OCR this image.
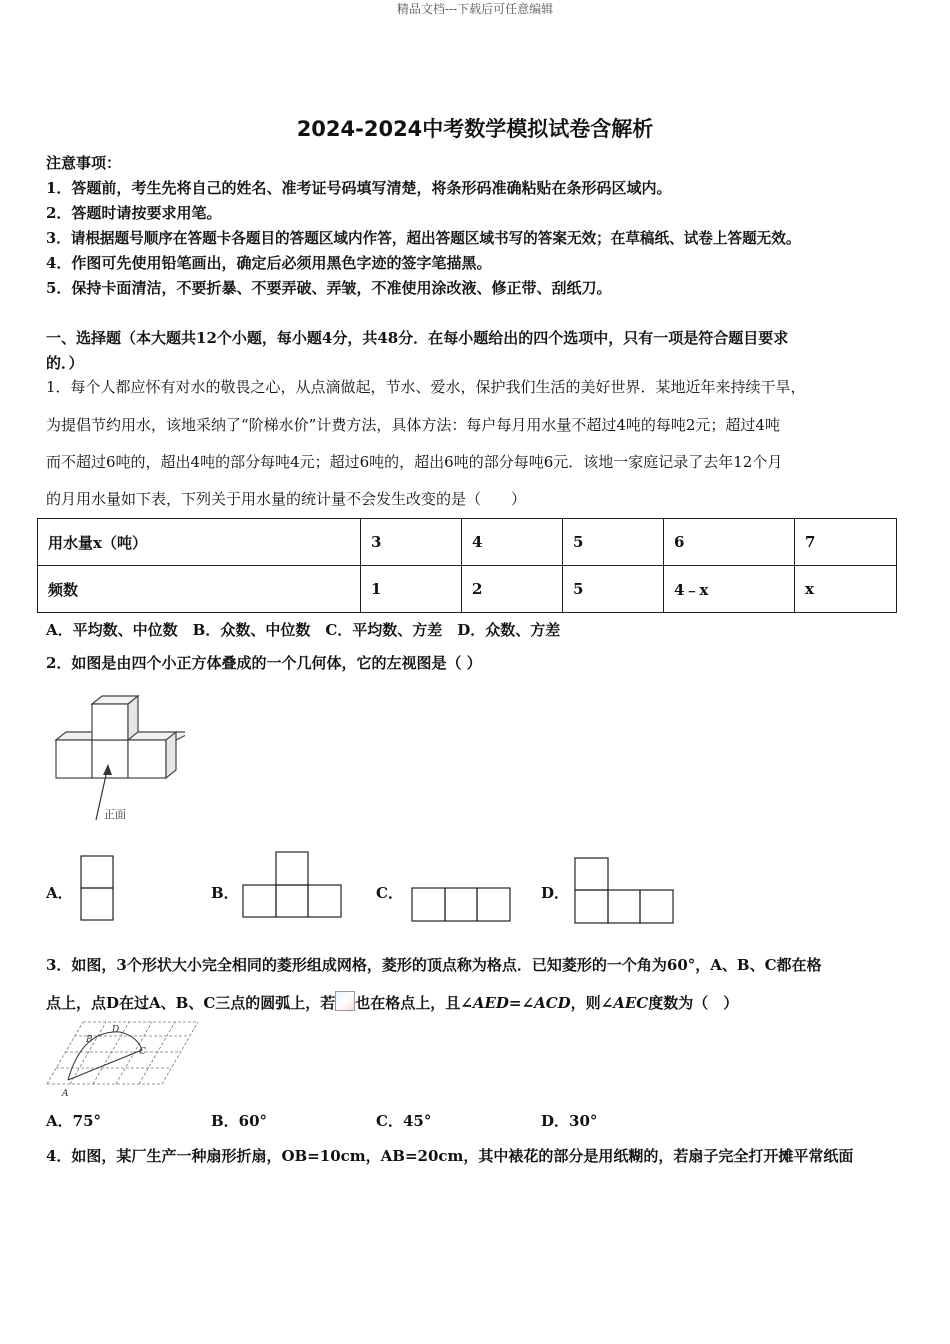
精品文档---下载后可任意编辑
2024-2024中考数学模拟试卷含解析
注意事项：
1．答题前，考生先将自己的姓名、准考证号码填写清楚，将条形码准确粘贴在条形码区域内。
2．答题时请按要求用笔。
3．请根据题号顺序在答题卡各题目的答题区域内作答，超出答题区域书写的答案无效；在草稿纸、试卷上答题无效。
4．作图可先使用铅笔画出，确定后必须用黑色字迹的签字笔描黑。
5．保持卡面清洁，不要折暴、不要弄破、弄皱，不准使用涂改液、修正带、刮纸刀。
一、选择题（本大题共12个小题，每小题4分，共48分．在每小题给出的四个选项中，只有一项是符合题目要求
的．）
1．每个人都应怀有对水的敬畏之心，从点滴做起，节水、爱水，保护我们生活的美好世界．某地近年来持续干旱，
为提倡节约用水，该地采纳了“阶梯水价”计费方法，具体方法：每户每月用水量不超过4吨的每吨2元；超过4吨
而不超过6吨的，超出4吨的部分每吨4元；超过6吨的，超出6吨的部分每吨6元．该地一家庭记录了去年12个月
的月用水量如下表，下列关于用水量的统计量不会发生改变的是（　　）
用水量x（吨）	3	4	5	6	7
频数	1	2	5	4﹣x	x
A．平均数、中位数　B．众数、中位数　C．平均数、方差　D．众数、方差
2．如图是由四个小正方体叠成的一个几何体，它的左视图是（ ）
正面
A．	B．	C．	D．
3．如图，3个形状大小完全相同的菱形组成网格，菱形的顶点称为格点．已知菱形的一个角为60°，A、B、C都在格
点上，点D在过A、B、C三点的圆弧上，若 也在格点上，且∠AED=∠ACD，则∠AEC度数为（　）
A
B
C
D
A．75°	B．60°	C．45°	D．30°
4．如图，某厂生产一种扇形折扇，OB=10cm，AB=20cm，其中裱花的部分是用纸糊的，若扇子完全打开摊平常纸面
